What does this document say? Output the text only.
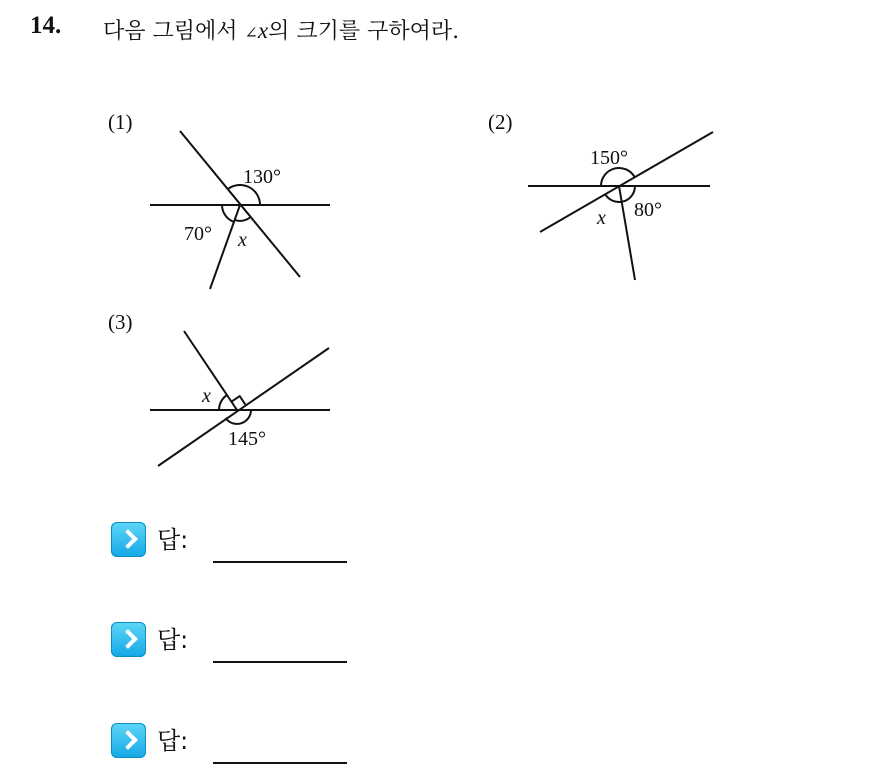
14. 다음 그림에서 ∠x의 크기를 구하여라.
(1)	(2)
(3)
130°
70° x
150°
80°
x
x
145°
답:
답:
답:
